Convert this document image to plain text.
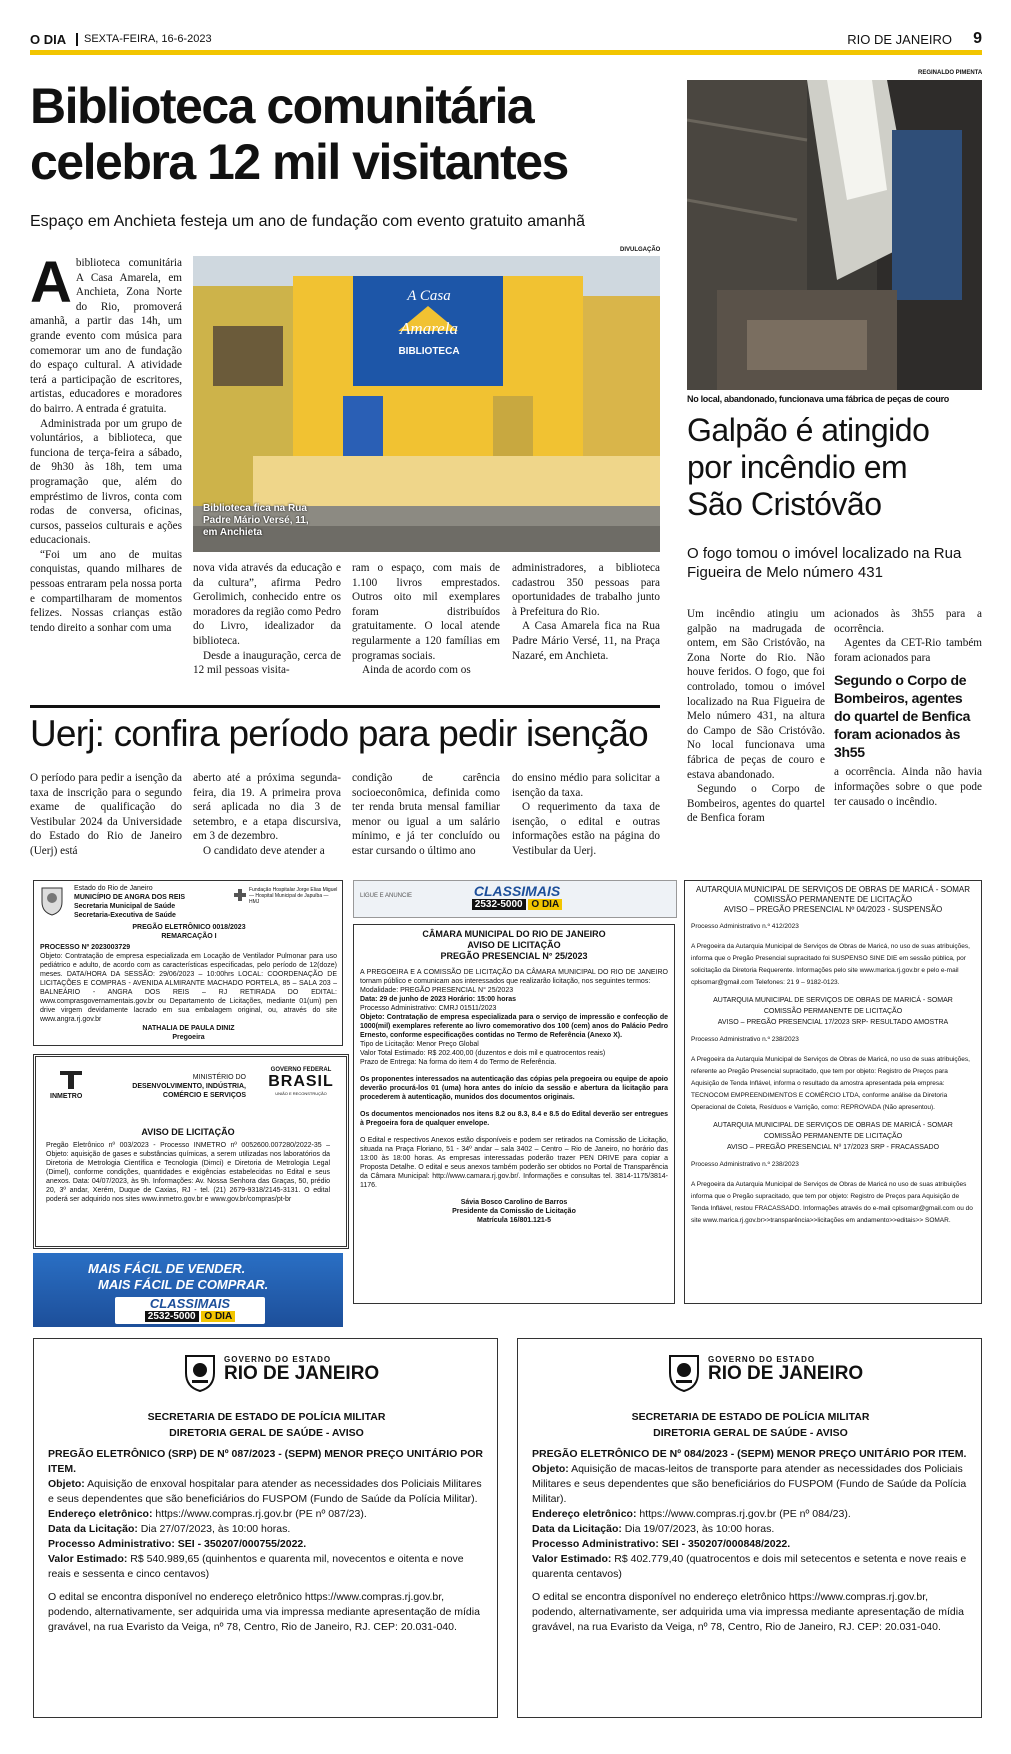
O DIA SEXTA-FEIRA, 16-6-2023	RIO DE JANEIRO 9
Biblioteca comunitária
celebra 12 mil visitantes
Espaço em Anchieta festeja um ano de fundação com evento gratuito amanhã
DIVULGAÇÃO
A Casa
Amarela
BIBLIOTECA
Biblioteca fica na Rua Padre Mário Versé, 11, em Anchieta
A biblioteca comunitária A Casa Amarela, em Anchieta, Zona Norte do Rio, promoverá amanhã, a partir das 14h, um grande evento com música para comemorar um ano de fundação do espaço cultural. A atividade terá a participação de escritores, artistas, educadores e moradores do bairro. A entrada é gratuita.

Administrada por um grupo de voluntários, a biblioteca, que funciona de terça-feira a sábado, de 9h30 às 18h, tem uma programação que, além do empréstimo de livros, conta com rodas de conversa, oficinas, cursos, passeios culturais e ações educacionais.

“Foi um ano de muitas conquistas, quando milhares de pessoas entraram pela nossa porta e compartilharam de momentos felizes. Nossas crianças estão tendo direito a sonhar com uma

nova vida através da educação e da cultura”, afirma Pedro Gerolimich, conhecido entre os moradores da região como Pedro do Livro, idealizador da biblioteca.

Desde a inauguração, cerca de 12 mil pessoas visita-

ram o espaço, com mais de 1.100 livros emprestados. Outros oito mil exemplares foram distribuídos gratuitamente. O local atende regularmente a 120 famílias em programas sociais.

Ainda de acordo com os

administradores, a biblioteca cadastrou 350 pessoas para oportunidades de trabalho junto à Prefeitura do Rio.

A Casa Amarela fica na Rua Padre Mário Versé, 11, na Praça Nazaré, em Anchieta.

REGINALDO PIMENTA
No local, abandonado, funcionava uma fábrica de peças de couro
Galpão é atingido
por incêndio em
São Cristóvão
O fogo tomou o imóvel localizado na Rua Figueira de Melo número 431

Um incêndio atingiu um galpão na madrugada de ontem, em São Cristóvão, na Zona Norte do Rio. Não houve feridos. O fogo, que foi controlado, tomou o imóvel localizado na Rua Figueira de Melo número 431, na altura do Campo de São Cristóvão. No local funcionava uma fábrica de peças de couro e estava abandonado.

Segundo o Corpo de Bombeiros, agentes do quartel de Benfica foram

acionados às 3h55 para a ocorrência.

Agentes da CET-Rio também foram acionados para

Segundo o Corpo de Bombeiros, agentes do quartel de Benfica foram acionados às 3h55

a ocorrência. Ainda não havia informações sobre o que pode ter causado o incêndio.

Uerj: confira período para pedir isenção

O período para pedir a isenção da taxa de inscrição para o segundo exame de qualificação do Vestibular 2024 da Universidade do Estado do Rio de Janeiro (Uerj) está

aberto até a próxima segunda-feira, dia 19. A primeira prova será aplicada no dia 3 de setembro, e a etapa discursiva, em 3 de dezembro.

O candidato deve atender a

condição de carência socioeconômica, definida como ter renda bruta mensal familiar menor ou igual a um salário mínimo, e já ter concluído ou estar cursando o último ano

do ensino médio para solicitar a isenção da taxa.

O requerimento da taxa de isenção, o edital e outras informações estão na página do Vestibular da Uerj.

Estado do Rio de Janeiro

MUNICÍPIO DE ANGRA DOS REIS

Secretaria Municipal de Saúde

Secretaria-Executiva de Saúde

Fundação Hospitalar Jorge Elias Miguel — Hospital Municipal de Japuíba — HMJ

PREGÃO ELETRÔNICO 0018/2023

REMARCAÇÃO I

PROCESSO Nº 2023003729

Objeto: Contratação de empresa especializada em Locação de Ventilador Pulmonar para uso pediátrico e adulto, de acordo com as características especificadas, pelo período de 12(doze) meses. DATA/HORA DA SESSÃO: 29/06/2023 – 10:00hrs LOCAL: COORDENAÇÃO DE LICITAÇÕES E COMPRAS - AVENIDA ALMIRANTE MACHADO PORTELA, 85 – SALA 203 – BALNEÁRIO - ANGRA DOS REIS – RJ RETIRADA DO EDITAL: www.comprasgovernamentais.gov.br ou Departamento de Licitações, mediante 01(um) pen drive virgem devidamente lacrado em sua embalagem original, ou, através do site www.angra.rj.gov.br

NATHALIA DE PAULA DINIZ

Pregoeira

INMETRO

MINISTÉRIO DO

DESENVOLVIMENTO, INDÚSTRIA,

COMÉRCIO E SERVIÇOS

GOVERNO FEDERAL
BRASIL
UNIÃO E RECONSTRUÇÃO
AVISO DE LICITAÇÃO
Pregão Eletrônico nº 003/2023 - Processo INMETRO nº 0052600.007280/2022-35 – Objeto: aquisição de gases e substâncias químicas, a serem utilizadas nos laboratórios da Diretoria de Metrologia Científica e Tecnologia (Dimci) e Diretoria de Metrologia Legal (Dimel), conforme condições, quantidades e exigências estabelecidas no Edital e seus anexos. Data: 04/07/2023, às 9h. Informações: Av. Nossa Senhora das Graças, 50, prédio 20, 3º andar, Xerém, Duque de Caxias, RJ - tel. (21) 2679-9318/2145-3131. O edital poderá ser adquirido nos sites www.inmetro.gov.br e www.gov.br/compras/pt-br
MAIS FÁCIL DE VENDER.
MAIS FÁCIL DE COMPRAR.
CLASSIMAIS
2532-5000 O DIA
LIGUE E ANUNCIE	CLASSIMAIS
2532-5000 O DIA

CÂMARA MUNICIPAL DO RIO DE JANEIRO

AVISO DE LICITAÇÃO

PREGÃO PRESENCIAL N° 25/2023

A PREGOEIRA E A COMISSÃO DE LICITAÇÃO DA CÂMARA MUNICIPAL DO RIO DE JANEIRO tornam público e comunicam aos interessados que realizarão licitação, nos seguintes termos:

Modalidade: PREGÃO PRESENCIAL N° 25/2023

Data: 29 de junho de 2023 Horário: 15:00 horas

Processo Administrativo: CMRJ 01511/2023

Objeto: Contratação de empresa especializada para o serviço de impressão e confecção de 1000(mil) exemplares referente ao livro comemorativo dos 100 (cem) anos do Palácio Pedro Ernesto, conforme especificações contidas no Termo de Referência (Anexo X).

Tipo de Licitação: Menor Preço Global

Valor Total Estimado: R$ 202.400,00 (duzentos e dois mil e quatrocentos reais)

Prazo de Entrega: Na forma do item 4 do Termo de Referência.

Os proponentes interessados na autenticação das cópias pela pregoeira ou equipe de apoio deverão procurá-los 01 (uma) hora antes do início da sessão e abertura da licitação para procederem à autenticação, munidos dos documentos originais.

Os documentos mencionados nos itens 8.2 ou 8.3, 8.4 e 8.5 do Edital deverão ser entregues à Pregoeira fora de qualquer envelope.

O Edital e respectivos Anexos estão disponíveis e podem ser retirados na Comissão de Licitação, situada na Praça Floriano, 51 - 34º andar – sala 3402 – Centro – Rio de Janeiro, no horário das 13:00 às 18:00 horas. As empresas interessadas poderão trazer PEN DRIVE para copiar a Proposta Detalhe. O edital e seus anexos também poderão ser obtidos no Portal de Transparência da Câmara Municipal: http://www.camara.rj.gov.br/. Informações e consultas tel. 3814-1175/3814-1176.

Sávia Bosco Carolino de Barros

Presidente da Comissão de Licitação

Matrícula 16/801.121-5

AUTARQUIA MUNICIPAL DE SERVIÇOS DE OBRAS DE MARICÁ - SOMAR

COMISSÃO PERMANENTE DE LICITAÇÃO

AVISO – PREGÃO PRESENCIAL Nº 04/2023 - SUSPENSÃO

Processo Administrativo n.º 412/2023

A Pregoeira da Autarquia Municipal de Serviços de Obras de Maricá, no uso de suas atribuições, informa que o Pregão Presencial supracitado foi SUSPENSO SINE DIE em sessão pública, por solicitação da Diretoria Requerente. Informações pelo site www.marica.rj.gov.br e pelo e-mail cplsomar@gmail.com Telefones: 21 9 – 9182-0123.

AUTARQUIA MUNICIPAL DE SERVIÇOS DE OBRAS DE MARICÁ - SOMAR

COMISSÃO PERMANENTE DE LICITAÇÃO

AVISO – PREGÃO PRESENCIAL 17/2023 SRP- RESULTADO AMOSTRA

Processo Administrativo n.º 238/2023

A Pregoeira da Autarquia Municipal de Serviços de Obras de Maricá, no uso de suas atribuições, referente ao Pregão Presencial supracitado, que tem por objeto: Registro de Preços para Aquisição de Tenda Inflável, informa o resultado da amostra apresentada pela empresa: TECNOCOM EMPREENDIMENTOS E COMÉRCIO LTDA, conforme análise da Diretoria Operacional de Coleta, Resíduos e Varrição, como: REPROVADA (Não apresentou).

AUTARQUIA MUNICIPAL DE SERVIÇOS DE OBRAS DE MARICÁ - SOMAR

COMISSÃO PERMANENTE DE LICITAÇÃO

AVISO – PREGÃO PRESENCIAL Nº 17/2023 SRP - FRACASSADO

Processo Administrativo n.º 238/2023

A Pregoeira da Autarquia Municipal de Serviços de Obras de Maricá no uso de suas atribuições informa que o Pregão supracitado, que tem por objeto: Registro de Preços para Aquisição de Tenda Inflável, restou FRACASSADO. Informações através do e-mail cplsomar@gmail.com ou do site www.marica.rj.gov.br>>transparência>>licitações em andamento>>editais>> SOMAR.

GOVERNO DO ESTADO
RIO DE JANEIRO

SECRETARIA DE ESTADO DE POLÍCIA MILITAR

DIRETORIA GERAL DE SAÚDE - AVISO

PREGÃO ELETRÔNICO (SRP) DE Nº 087/2023 - (SEPM) MENOR PREÇO UNITÁRIO POR ITEM.

Objeto: Aquisição de enxoval hospitalar para atender as necessidades dos Policiais Militares e seus dependentes que são beneficiários do FUSPOM (Fundo de Saúde da Polícia Militar).

Endereço eletrônico: https://www.compras.rj.gov.br (PE nº 087/23).

Data da Licitação: Dia 27/07/2023, às 10:00 horas.

Processo Administrativo: SEI - 350207/000755/2022.

Valor Estimado: R$ 540.989,65 (quinhentos e quarenta mil, novecentos e oitenta e nove reais e sessenta e cinco centavos)

O edital se encontra disponível no endereço eletrônico https://www.compras.rj.gov.br, podendo, alternativamente, ser adquirida uma via impressa mediante apresentação de mídia gravável, na rua Evaristo da Veiga, nº 78, Centro, Rio de Janeiro, RJ. CEP: 20.031-040.

GOVERNO DO ESTADO
RIO DE JANEIRO

SECRETARIA DE ESTADO DE POLÍCIA MILITAR

DIRETORIA GERAL DE SAÚDE - AVISO

PREGÃO ELETRÔNICO DE Nº 084/2023 - (SEPM) MENOR PREÇO UNITÁRIO POR ITEM.

Objeto: Aquisição de macas-leitos de transporte para atender as necessidades dos Policiais Militares e seus dependentes que são beneficiários do FUSPOM (Fundo de Saúde da Polícia Militar).

Endereço eletrônico: https://www.compras.rj.gov.br (PE nº 084/23).

Data da Licitação: Dia 19/07/2023, às 10:00 horas.

Processo Administrativo: SEI - 350207/000848/2022.

Valor Estimado: R$ 402.779,40 (quatrocentos e dois mil setecentos e setenta e nove reais e quarenta centavos)

O edital se encontra disponível no endereço eletrônico https://www.compras.rj.gov.br, podendo, alternativamente, ser adquirida uma via impressa mediante apresentação de mídia gravável, na rua Evaristo da Veiga, nº 78, Centro, Rio de Janeiro, RJ. CEP: 20.031-040.
